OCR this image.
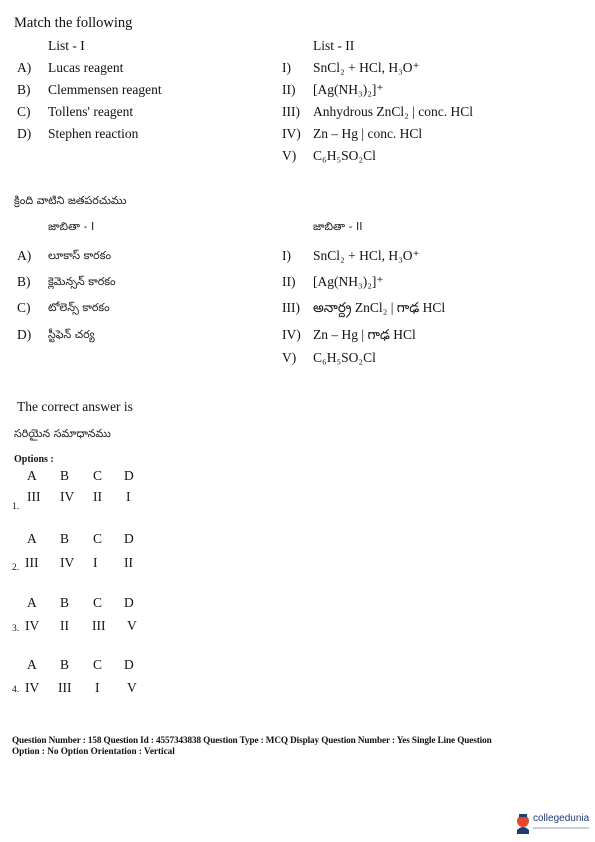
Match the following
List - I	List - II
A) Lucas reagent
B) Clemmensen reagent
C) Tollens' reagent
D) Stephen reaction
I) SnCl₂ + HCl, H₃O⁺
II) [Ag(NH₃)₂]⁺
III) Anhydrous ZnCl₂ | conc. HCl
IV) Zn – Hg | conc. HCl
V) C₆H₅SO₂Cl
క్రింది వాటిని జతపరచుము
జాబితా - I	జాబితా - II
A) లూకాస్ కారకం
B) క్లెమెన్సన్ కారకం
C) టోలెన్స్ కారకం
D) స్టీఫెన్ చర్య
I) SnCl₂ + HCl, H₃O⁺
II) [Ag(NH₃)₂]⁺
III) అనార్ద్ర ZnCl₂ | గాఢ HCl
IV) Zn – Hg | గాఢ HCl
V) C₆H₅SO₂Cl
The correct answer is
సరియైన సమాధానము
Options :
A B C D
1.
III IV II I
A B C D
2. III IV I II
A B C D
3. IV II III V
A B C D
4. IV III I V
Question Number : 158 Question Id : 4557343838 Question Type : MCQ Display Question Number : Yes Single Line Question
Option : No Option Orientation : Vertical
collegedunia
